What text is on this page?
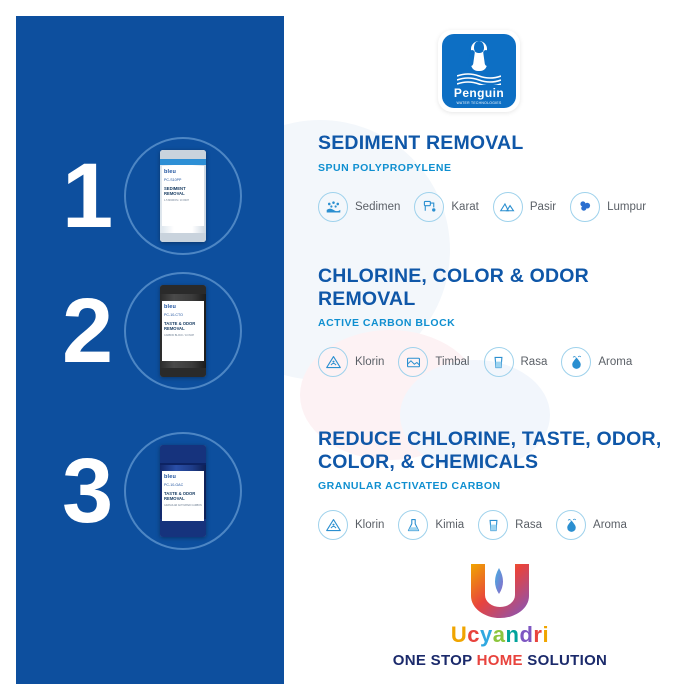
1	bleu
PC-S10PP
SEDIMENT REMOVAL
1-5 MICRON / 10 INCH
2	bleu
PC-10-CTO
TASTE & ODOR REMOVAL
CARBON BLOCK / 10 INCH
3	bleu
PC-10-GAC
TASTE & ODOR REMOVAL
GRANULAR ACTIVATED CARBON
Penguin
WATER TECHNOLOGIES
SEDIMENT REMOVAL
SPUN POLYPROPYLENE
Sedimen	Karat	Pasir	Lumpur
CHLORINE, COLOR & ODOR REMOVAL
ACTIVE CARBON BLOCK
Klorin	Timbal	Rasa	Aroma
REDUCE CHLORINE, TASTE, ODOR, COLOR, & CHEMICALS
GRANULAR ACTIVATED CARBON
Klorin	Kimia	Rasa	Aroma
Ucyandri
ONE STOP HOME SOLUTION
